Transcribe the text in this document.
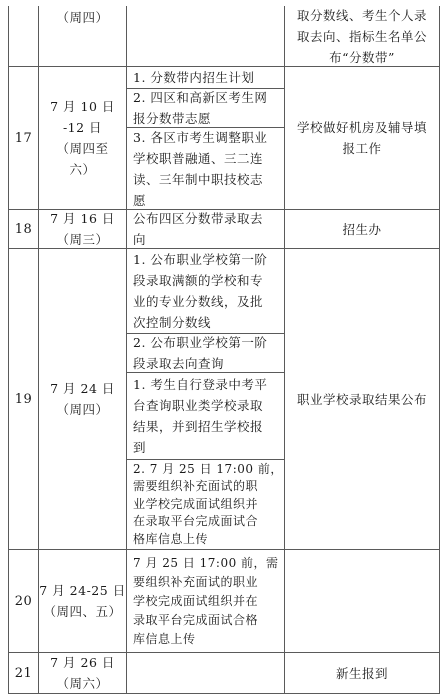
（周四）	取分数线、考生个人录
取去向、指标生名单公
布“分数带”
17
7 月 10 日
-12 日
（周四至
六）
1. 分数带内招生计划
2. 四区和高新区考生网
报分数带志愿
3. 各区市考生调整职业
学校职普融通、三二连
读、三年制中职技校志
愿
学校做好机房及辅导填
报工作
18
7 月 16 日
（周三）
公布四区分数带录取去
向
招生办
19
7 月 24 日
（周四）
1. 公布职业学校第一阶
段录取满额的学校和专
业的专业分数线，及批
次控制分数线
2. 公布职业学校第一阶
段录取去向查询
1. 考生自行登录中考平
台查询职业类学校录取
结果，并到招生学校报
到
2. 7 月 25 日 17:00 前，
需要组织补充面试的职
业学校完成面试组织并
在录取平台完成面试合
格库信息上传
职业学校录取结果公布
20
7 月 24-25 日
（周四、五）
7 月 25 日 17:00 前，需
要组织补充面试的职业
学校完成面试组织并在
录取平台完成面试合格
库信息上传
21
7 月 26 日
（周六）
新生报到
